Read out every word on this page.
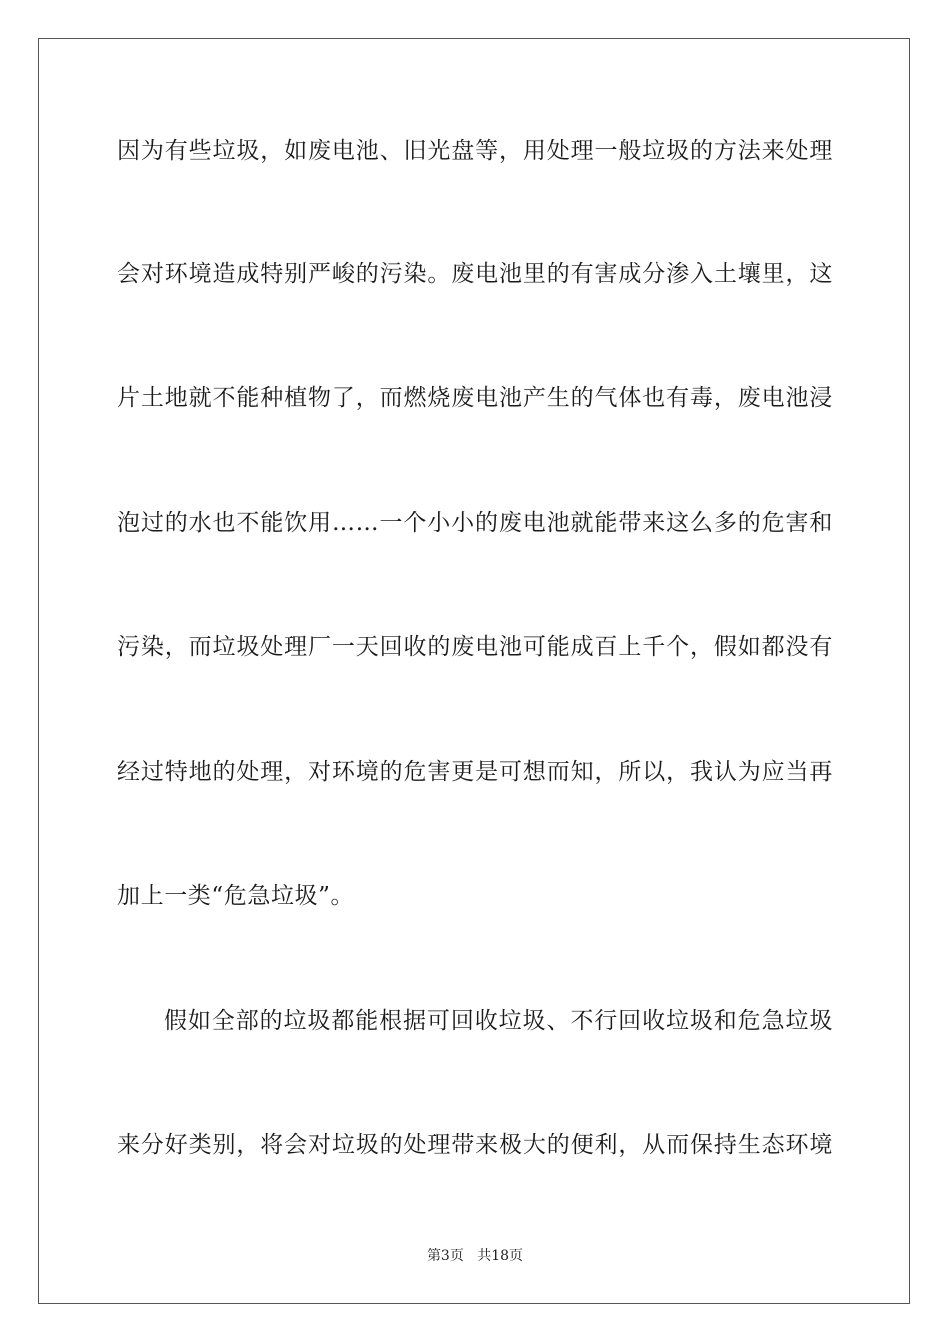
因为有些垃圾，如废电池、旧光盘等，用处理一般垃圾的方法来处理
会对环境造成特别严峻的污染。废电池里的有害成分渗入土壤里，这
片土地就不能种植物了，而燃烧废电池产生的气体也有毒，废电池浸
泡过的水也不能饮用……一个小小的废电池就能带来这么多的危害和
污染，而垃圾处理厂一天回收的废电池可能成百上千个，假如都没有
经过特地的处理，对环境的危害更是可想而知，所以，我认为应当再
加上一类“危急垃圾”。
假如全部的垃圾都能根据可回收垃圾、不行回收垃圾和危急垃圾
来分好类别，将会对垃圾的处理带来极大的便利，从而保持生态环境
第3页 共18页
